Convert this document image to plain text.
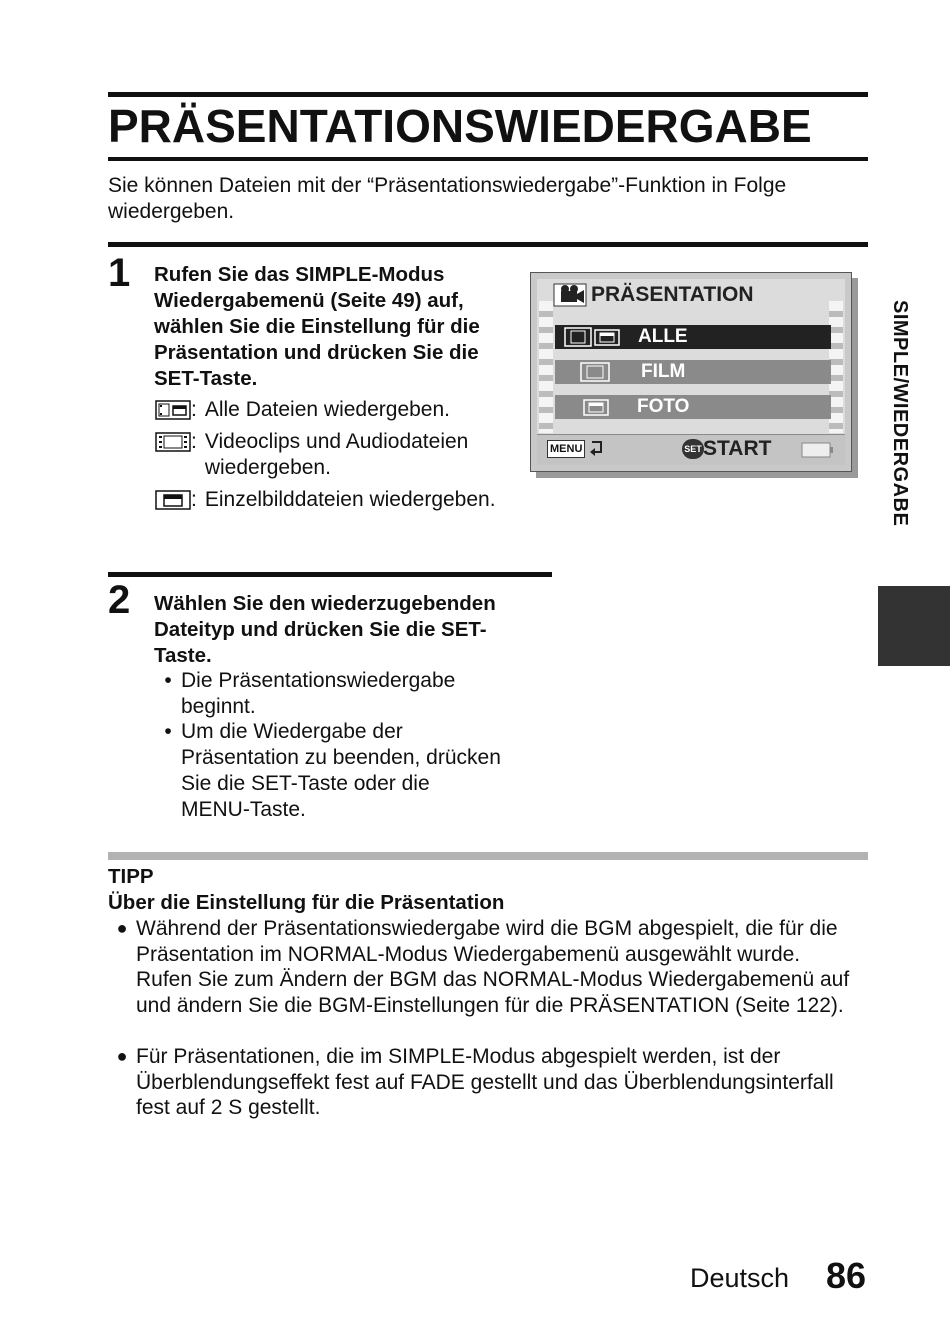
PRÄSENTATIONSWIEDERGABE
Sie können Dateien mit der “Präsentationswiedergabe”-Funktion in Folge wiedergeben.
1 Rufen Sie das SIMPLE-Modus Wiedergabemenü (Seite 49) auf, wählen Sie die Einstellung für die Präsentation und drücken Sie die SET-Taste.
: Alle Dateien wiedergeben.
: Videoclips und Audiodateien wiedergeben.
: Einzelbilddateien wiedergeben.
PRÄSENTATION
ALLE
FILM
FOTO
MENU	SET START	SIMPLE/WIEDERGABE
2 Wählen Sie den wiederzugebenden Dateityp und drücken Sie die SET-Taste.
• Die Präsentationswiedergabe beginnt.
• Um die Wiedergabe der Präsentation zu beenden, drücken Sie die SET-Taste oder die MENU-Taste.
TIPP
Über die Einstellung für die Präsentation
● Während der Präsentationswiedergabe wird die BGM abgespielt, die für die Präsentation im NORMAL-Modus Wiedergabemenü ausgewählt wurde. Rufen Sie zum Ändern der BGM das NORMAL-Modus Wiedergabemenü auf und ändern Sie die BGM-Einstellungen für die PRÄSENTATION (Seite 122).
● Für Präsentationen, die im SIMPLE-Modus abgespielt werden, ist der Überblendungseffekt fest auf FADE gestellt und das Überblendungsinterfall fest auf 2 S gestellt.
Deutsch 86
